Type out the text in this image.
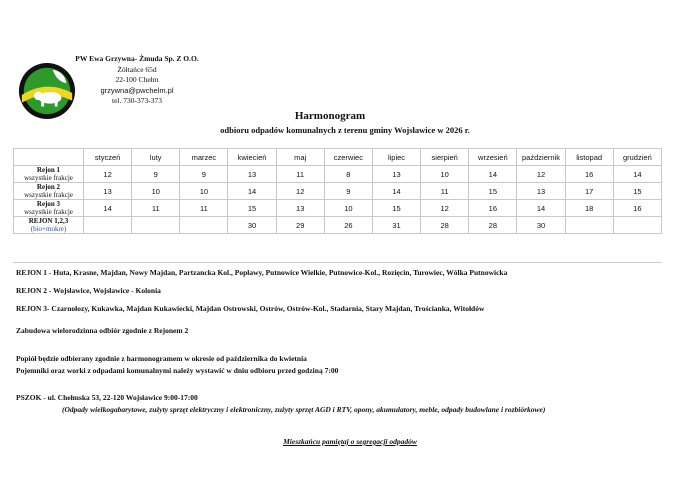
PW Ewa Grzywna- Żmuda Sp. Z O.O.
Żółtańce 65d
22-100 Chełm
grzywna@pwchelm.pl
tel. 730-373-373
Harmonogram
odbioru odpadów komunalnych z terenu gminy Wojsławice w 2026 r.
	styczeń	luty	marzec	kwiecień	maj	czerwiec	lipiec	sierpień	wrzesień	październik	listopad	grudzień

Rejon 1
wszystkie frakcje	12	9	9	13	11	8	13	10	14	12	16	14

Rejon 2
wszystkie frakcje	13	10	10	14	12	9	14	11	15	13	17	15

Rejon 3
wszystkie frakcje	14	11	11	15	13	10	15	12	16	14	18	16

REJON 1,2,3
(bio+mokre)				30	29	26	31	28	28	30		
REJON 1 - Huta, Krasne, Majdan, Nowy Majdan, Partzancka Kol., Popławy, Putnowice Wielkie, Putnowice-Kol., Rozięcin, Turowiec, Wólka Putnowicka
REJON 2 - Wojsławice, Wojsławice - Kolonia
REJON 3- Czarnołozy, Kukawka, Majdan Kukawiecki, Majdan Ostrowski, Ostrów, Ostrów-Kol., Stadarnia, Stary Majdan, Trościanka, Witołdów
Zabudowa wielorodzinna odbiór zgodnie z Rejonem 2
Popiół będzie odbierany zgodnie z harmonogramem w okresie od października do kwietnia
Pojemniki oraz worki z odpadami komunalnymi należy wystawić w dniu odbioru przed godziną 7:00
PSZOK - ul. Chełmska 53, 22-120 Wojsławice 9:00-17:00
(Odpady wielkogabarytowe, zużyty sprzęt elektryczny i elektroniczny, zużyty sprzęt AGD i RTV, opony, akumulatory, meble, odpady budowlane i rozbiórkowe)
Mieszkańcu pamiętaj o segregacji odpadów
